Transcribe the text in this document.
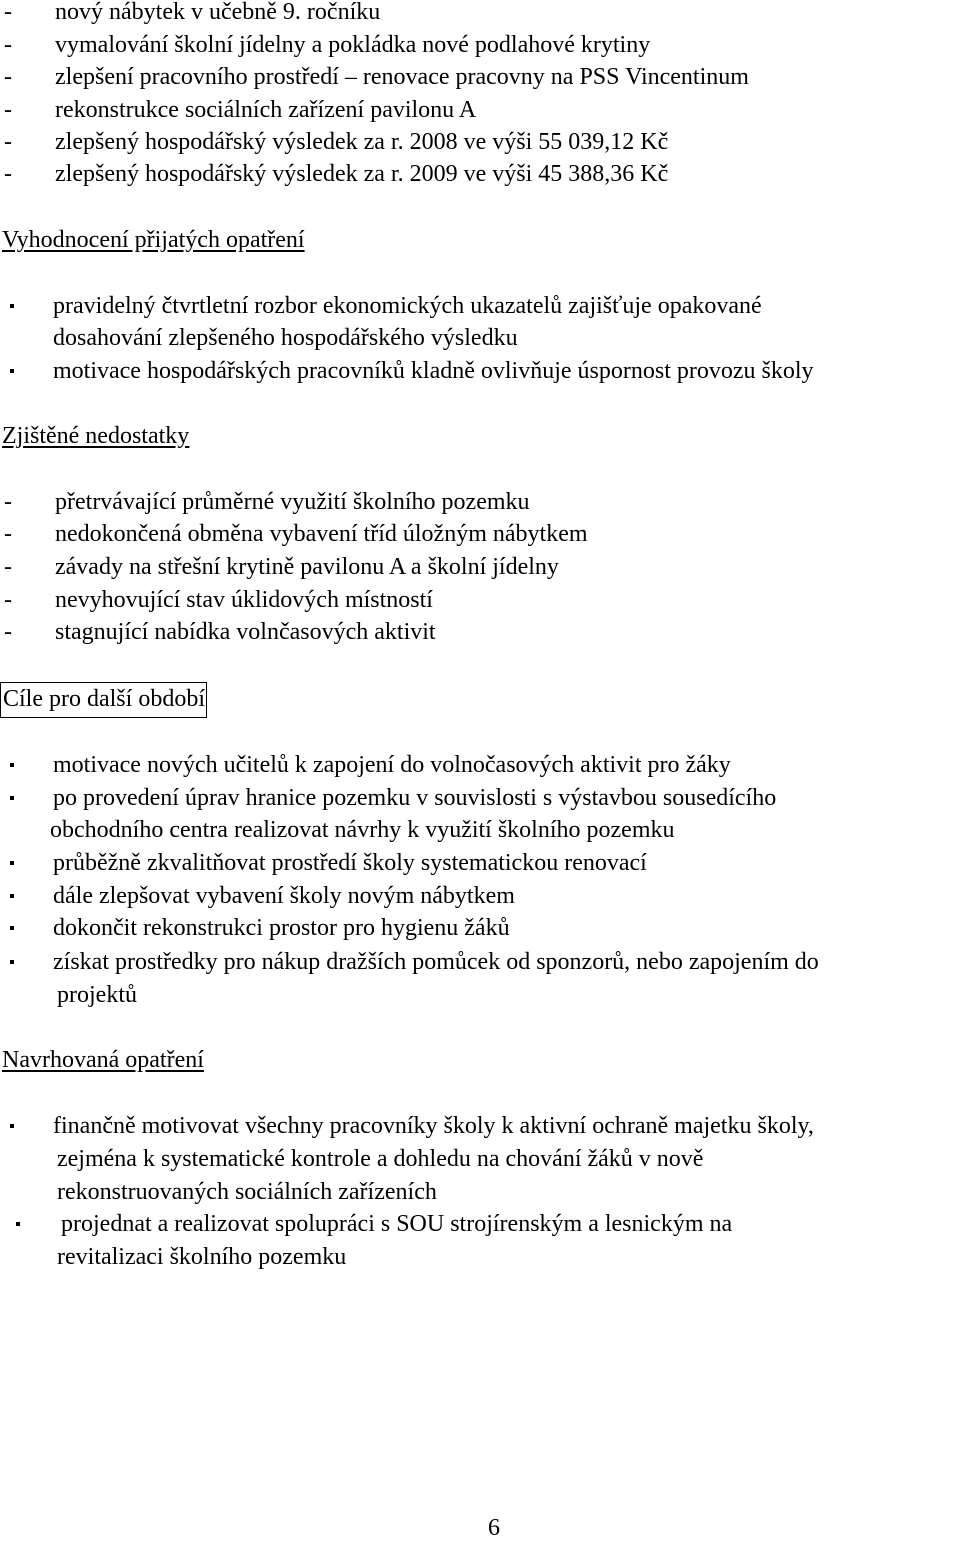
- nový nábytek v učebně 9. ročníku
- vymalování školní jídelny a pokládka nové podlahové krytiny
- zlepšení pracovního prostředí – renovace pracovny na PSS Vincentinum
- rekonstrukce sociálních zařízení pavilonu A
- zlepšený hospodářský výsledek za r. 2008 ve výši 55 039,12 Kč
- zlepšený hospodářský výsledek za r. 2009 ve výši 45 388,36 Kč
Vyhodnocení přijatých opatření
pravidelný čtvrtletní rozbor ekonomických ukazatelů zajišťuje opakované
dosahování zlepšeného hospodářského výsledku
motivace hospodářských pracovníků kladně ovlivňuje úspornost provozu školy
Zjištěné nedostatky
- přetrvávající průměrné využití školního pozemku
- nedokončená obměna vybavení tříd úložným nábytkem
- závady na střešní krytině pavilonu A a školní jídelny
- nevyhovující stav úklidových místností
- stagnující nabídka volnčasových aktivit
Cíle pro další období
motivace nových učitelů k zapojení do volnočasových aktivit pro žáky
po provedení úprav hranice pozemku v souvislosti s výstavbou sousedícího
obchodního centra realizovat návrhy k využití školního pozemku
průběžně zkvalitňovat prostředí školy systematickou renovací
dále zlepšovat vybavení školy novým nábytkem
dokončit rekonstrukci prostor pro hygienu žáků
získat prostředky pro nákup dražších pomůcek od sponzorů, nebo zapojením do
projektů
Navrhovaná opatření
finančně motivovat všechny pracovníky školy k aktivní ochraně majetku školy,
zejména k systematické kontrole a dohledu na chování žáků v nově
rekonstruovaných sociálních zařízeních
projednat a realizovat spolupráci s SOU strojírenským a lesnickým na
revitalizaci školního pozemku
6
